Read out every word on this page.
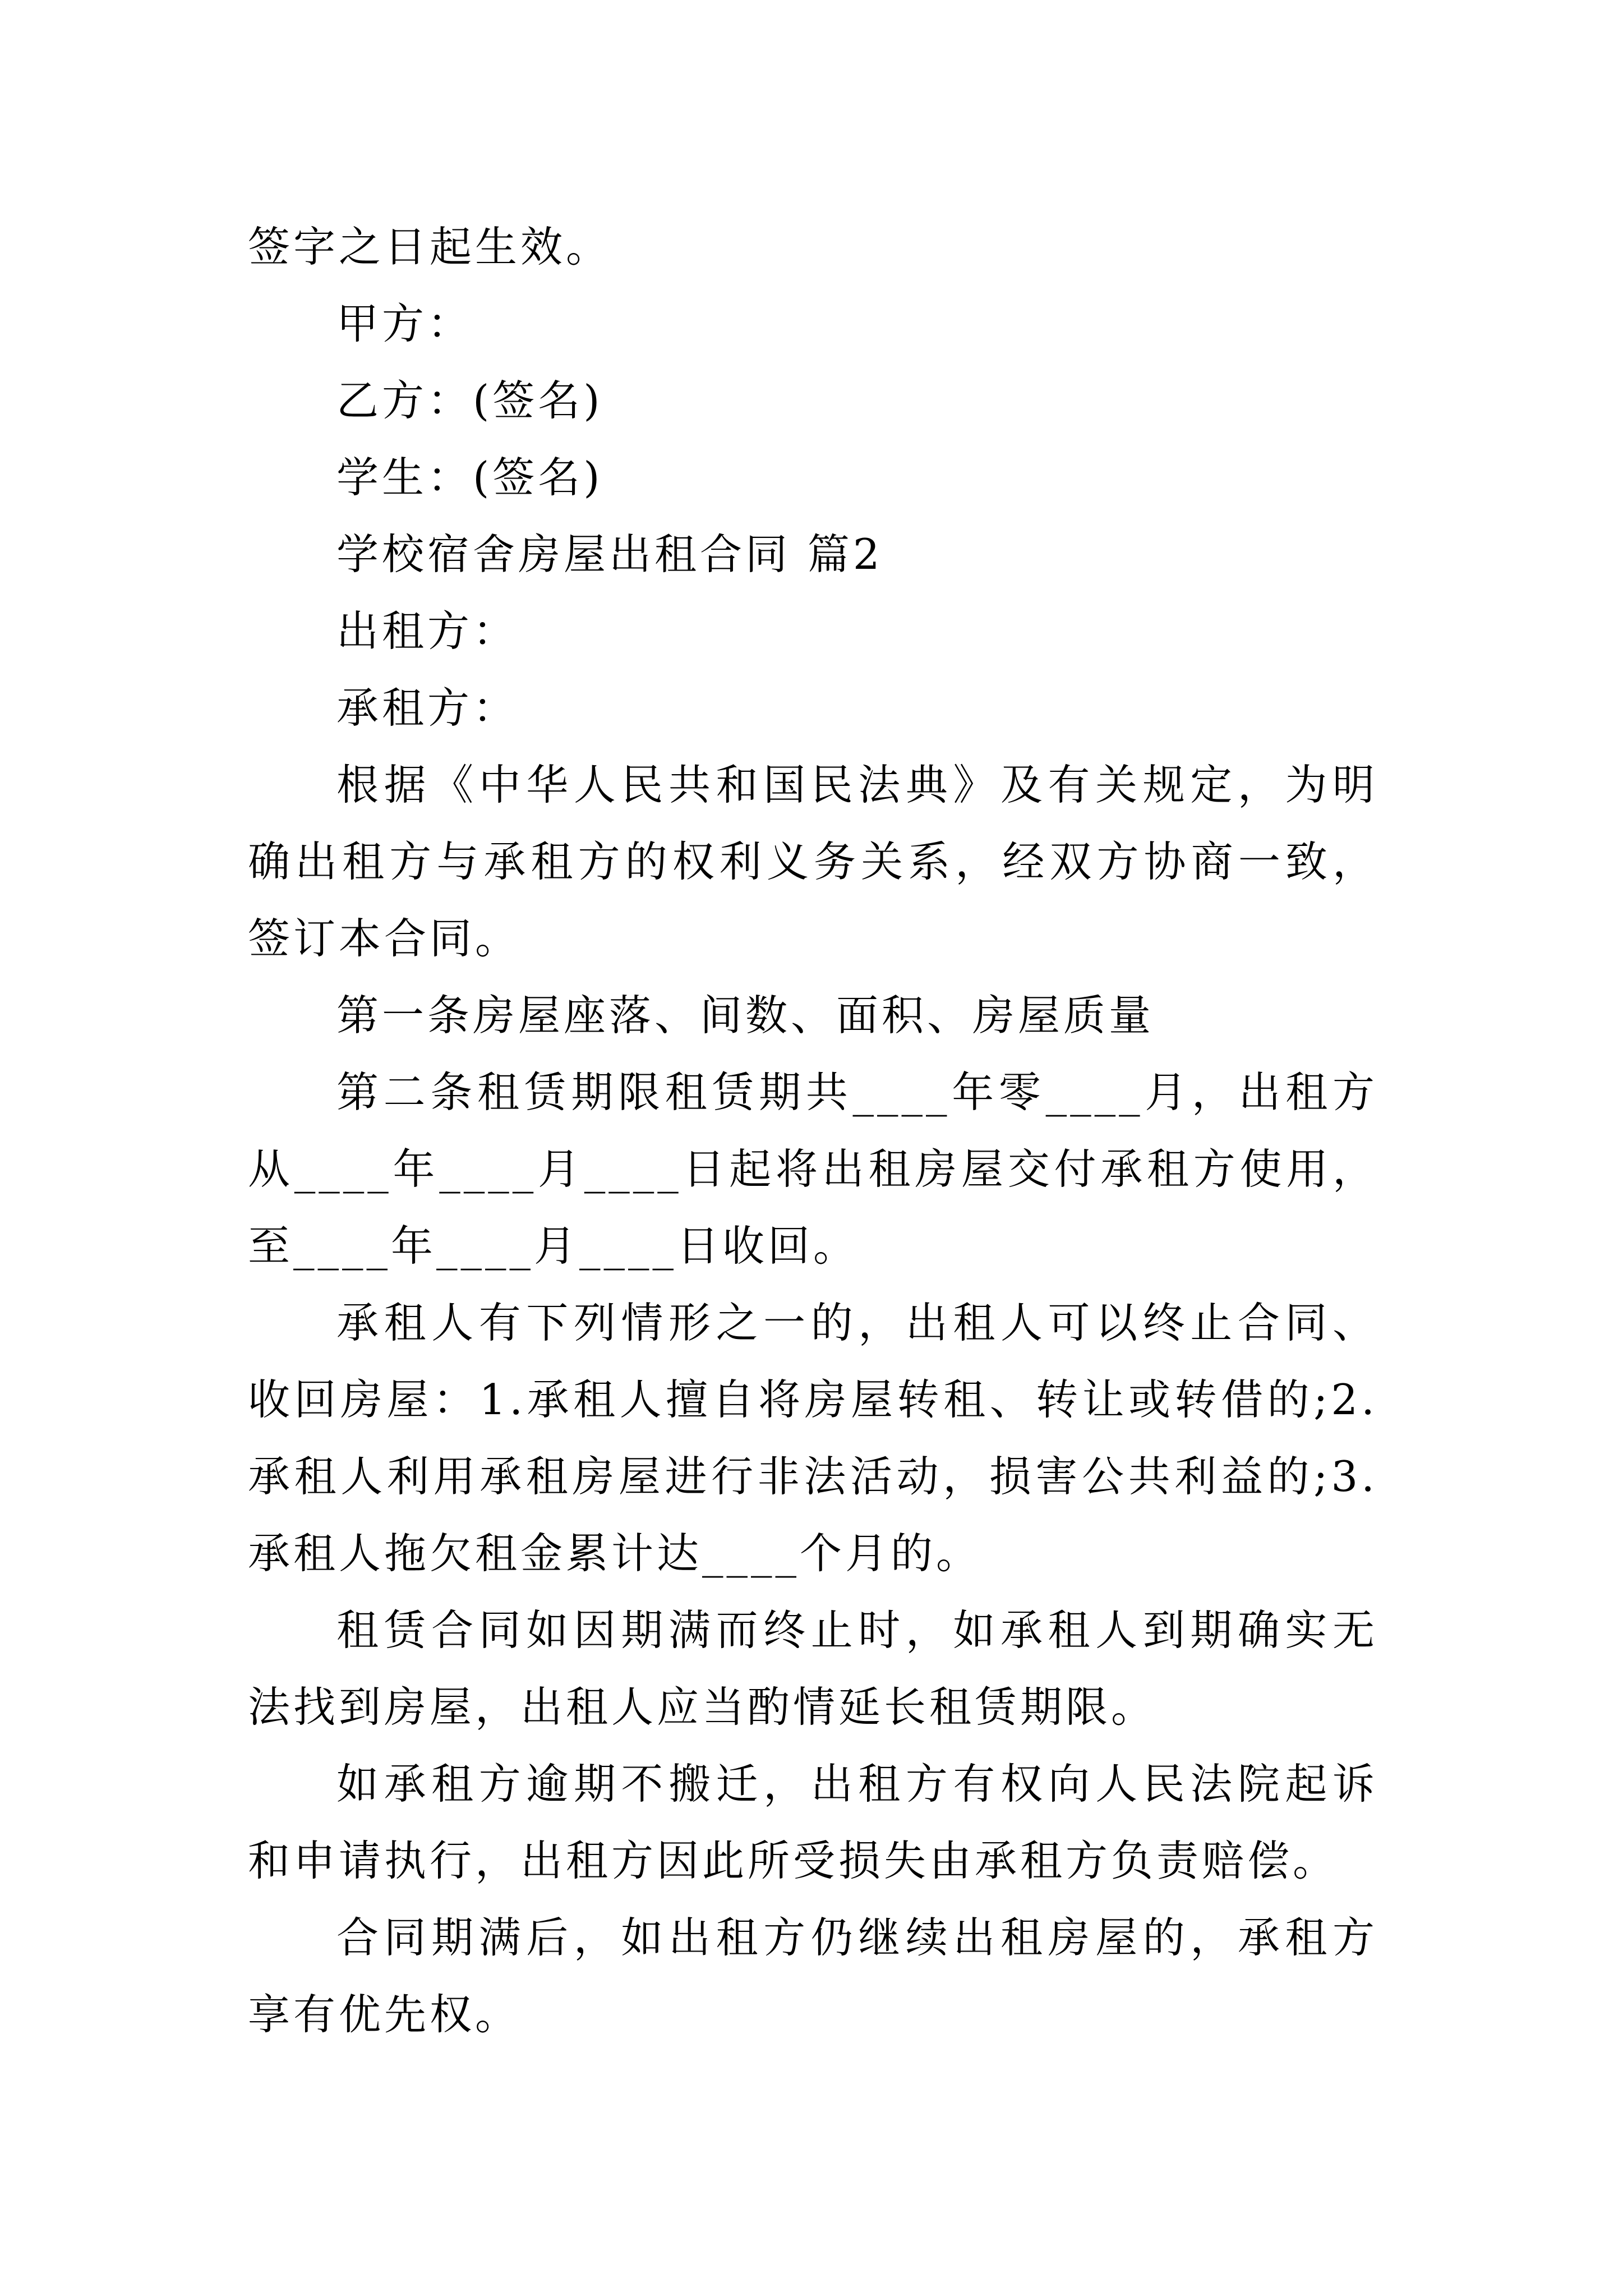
签字之日起生效。

甲方：

乙方：(签名)

学生：(签名)

学校宿舍房屋出租合同 篇2

出租方：

承租方：

根据《中华人民共和国民法典》及有关规定，为明确出租方与承租方的权利义务关系，经双方协商一致，签订本合同。

第一条房屋座落、间数、面积、房屋质量

第二条租赁期限租赁期共____年零____月，出租方从____年____月____日起将出租房屋交付承租方使用，至____年____月____日收回。

承租人有下列情形之一的，出租人可以终止合同、收回房屋：1.承租人擅自将房屋转租、转让或转借的;2.承租人利用承租房屋进行非法活动，损害公共利益的;3.承租人拖欠租金累计达____个月的。

租赁合同如因期满而终止时，如承租人到期确实无法找到房屋，出租人应当酌情延长租赁期限。

如承租方逾期不搬迁，出租方有权向人民法院起诉和申请执行，出租方因此所受损失由承租方负责赔偿。

合同期满后，如出租方仍继续出租房屋的，承租方享有优先权。
